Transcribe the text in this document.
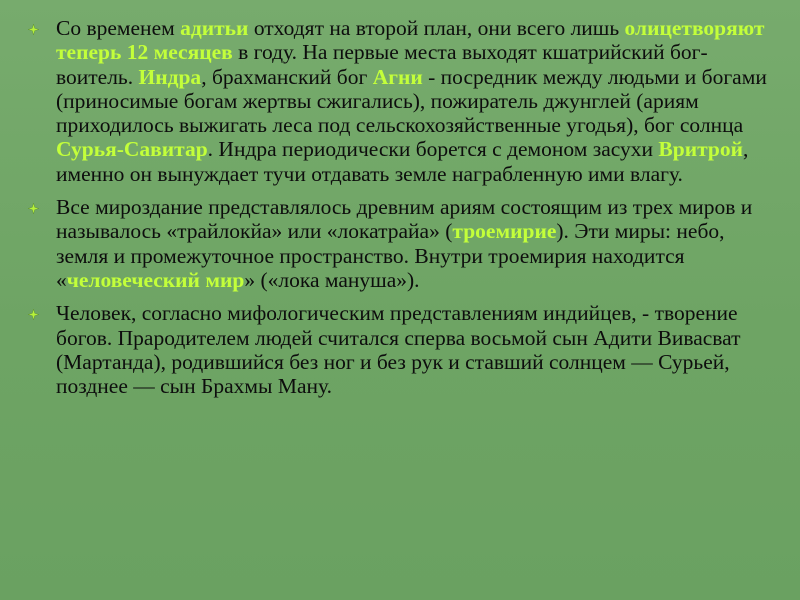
Со временем адитьи отходят на второй план, они всего лишь олицетворяют теперь 12 месяцев в году. На первые места выходят кшатрийский бог-воитель. Индра, брахманский бог Агни - посредник между людьми и богами (приносимые богам жертвы сжигались), пожиратель джунглей (ариям приходилось выжигать леса под сельскохозяйственные угодья), бог солнца Сурья-Савитар. Индра периодически борется с демоном засухи Вритрой, именно он вынуждает тучи отдавать земле награбленную ими влагу.
Все мироздание представлялось древним ариям состоящим из трех миров и называлось «трайлокйа» или «локатрайа» (троемирие). Эти миры: небо, земля и промежуточное пространство. Внутри троемирия находится «человеческий мир» («лока мануша»).
Человек, согласно мифологическим представлениям индийцев, - творение богов. Прародителем людей считался сперва восьмой сын Адити Вивасват (Мартанда), родившийся без ног и без рук и ставший солнцем — Сурьей, позднее — сын Брахмы Ману.
